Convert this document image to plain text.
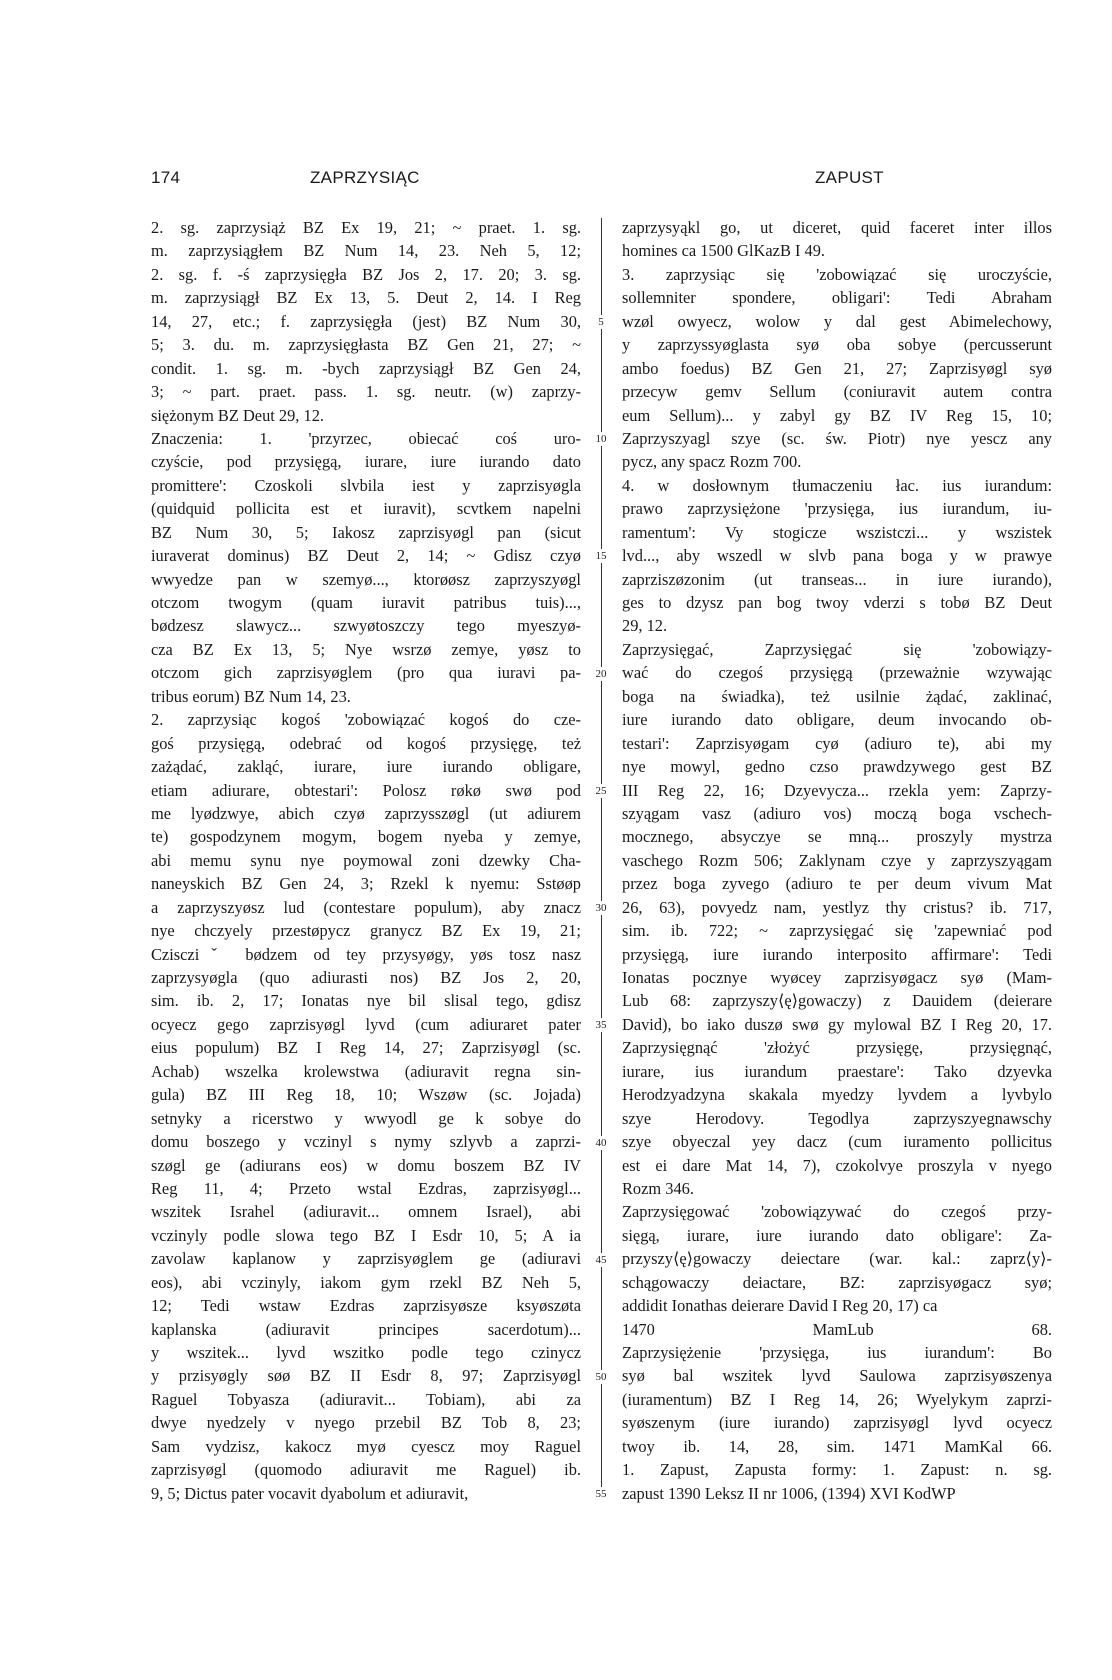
174	ZAPRZYSIĄC	ZAPUST
2. sg. zaprzysiąż BZ Ex 19, 21; ~ praet. 1. sg.
m. zaprzysiągłem BZ Num 14, 23. Neh 5, 12;
2. sg. f. -ś zaprzysięgła BZ Jos 2, 17. 20; 3. sg.
m. zaprzysiągł BZ Ex 13, 5. Deut 2, 14. I Reg
14, 27, etc.; f. zaprzysięgła (jest) BZ Num 30,
5; 3. du. m. zaprzysięgłasta BZ Gen 21, 27; ~
condit. 1. sg. m. -bych zaprzysiągł BZ Gen 24,
3; ~ part. praet. pass. 1. sg. neutr. (w) zaprzy-
siężonym BZ Deut 29, 12.
Znaczenia: 1. 'przyrzec, obiecać coś uro-
czyście, pod przysięgą, iurare, iure iurando dato
promittere': Czoskoli slvbila iest y zaprzisyøgla
(quidquid pollicita est et iuravit), scvtkem napelni
BZ Num 30, 5; Iakosz zaprzisyøgl pan (sicut
iuraverat dominus) BZ Deut 2, 14; ~ Gdisz czyø
wwyedze pan w szemyø..., ktorøøsz zaprzyszyøgl
otczom twogym (quam iuravit patribus tuis)...,
bødzesz slawycz... szwyøtoszczy tego myeszyø-
cza BZ Ex 13, 5; Nye wsrzø zemye, yøsz to
otczom gich zaprzisyøglem (pro qua iuravi pa-
tribus eorum) BZ Num 14, 23.
2. zaprzysiąc kogoś 'zobowiązać kogoś do cze-
goś przysięgą, odebrać od kogoś przysięgę, też
zażądać, zakląć, iurare, iure iurando obligare,
etiam adiurare, obtestari': Polosz røkø swø pod
me lyødzwye, abich czyø zaprzysszøgl (ut adiurem
te) gospodzynem mogym, bogem nyeba y zemye,
abi memu synu nye poymowal zoni dzewky Cha-
naneyskich BZ Gen 24, 3; Rzekl k nyemu: Sstøøp
a zaprzyszyøsz lud (contestare populum), aby znacz
nye chczyely przestøpycz granycz BZ Ex 19, 21;
Cziscziˇ bødzem od tey przysyøgy, yøs tosz nasz
zaprzysyøgla (quo adiurasti nos) BZ Jos 2, 20,
sim. ib. 2, 17; Ionatas nye bil slisal tego, gdisz
ocyecz gego zaprzisyøgl lyvd (cum adiuraret pater
eius populum) BZ I Reg 14, 27; Zaprzisyøgl (sc.
Achab) wszelka krolewstwa (adiuravit regna sin-
gula) BZ III Reg 18, 10; Wszøw (sc. Jojada)
setnyky a ricerstwo y wwyodl ge k sobye do
domu boszego y vczinyl s nymy szlyvb a zaprzi-
szøgl ge (adiurans eos) w domu boszem BZ IV
Reg 11, 4; Przeto wstal Ezdras, zaprzisyøgl...
wszitek Israhel (adiuravit... omnem Israel), abi
vczinyly podle slowa tego BZ I Esdr 10, 5; A ia
zavolaw kaplanow y zaprzisyøglem ge (adiuravi
eos), abi vczinyly, iakom gym rzekl BZ Neh 5,
12; Tedi wstaw Ezdras zaprzisyøsze ksyøszøta
kaplanska (adiuravit principes sacerdotum)...
y wszitek... lyvd wszitko podle tego czinycz
y przisyøgly søø BZ II Esdr 8, 97; Zaprzisyøgl
Raguel Tobyasza (adiuravit... Tobiam), abi za
dwye nyedzely v nyego przebil BZ Tob 8, 23;
Sam vydzisz, kakocz myø cyescz moy Raguel
zaprzisyøgl (quomodo adiuravit me Raguel) ib.
9, 5; Dictus pater vocavit dyabolum et adiuravit,
5
10
15
20
25
30
35
40
45
50
55
zaprzysyąkl go, ut diceret, quid faceret inter illos
homines ca 1500 GlKazB I 49.
3. zaprzysiąc się 'zobowiązać się uroczyście,
sollemniter spondere, obligari': Tedi Abraham
wzøl owyecz, wolow y dal gest Abimelechowy,
y zaprzyssyøglasta syø oba sobye (percusserunt
ambo foedus) BZ Gen 21, 27; Zaprzisyøgl syø
przecyw gemv Sellum (coniuravit autem contra
eum Sellum)... y zabyl gy BZ IV Reg 15, 10;
Zaprzyszyagl szye (sc. św. Piotr) nye yescz any
pycz, any spacz Rozm 700.
4. w dosłownym tłumaczeniu łac. ius iurandum:
prawo zaprzysiężone 'przysięga, ius iurandum, iu-
ramentum': Vy stogicze wszistczi... y wszistek
lvd..., aby wszedl w slvb pana boga y w prawye
zaprziszøzonim (ut transeas... in iure iurando),
ges to dzysz pan bog twoy vderzi s tobø BZ Deut
29, 12.
Zaprzysięgać, Zaprzysięgać się 'zobowiązy-
wać do czegoś przysięgą (przeważnie wzywając
boga na świadka), też usilnie żądać, zaklinać,
iure iurando dato obligare, deum invocando ob-
testari': Zaprzisyøgam cyø (adiuro te), abi my
nye mowyl, gedno czso prawdzywego gest BZ
III Reg 22, 16; Dzyevycza... rzekla yem: Zaprzy-
szyągam vasz (adiuro vos) moczą boga vschech-
mocznego, absyczye se mną... proszyly mystrza
vaschego Rozm 506; Zaklynam czye y zaprzyszyągam
przez boga zyvego (adiuro te per deum vivum Mat
26, 63), povyedz nam, yestlyz thy cristus? ib. 717,
sim. ib. 722; ~ zaprzysięgać się 'zapewniać pod
przysięgą, iure iurando interposito affirmare': Tedi
Ionatas pocznye wyøcey zaprzisyøgacz syø (Mam-
Lub 68: zaprzyszy⟨ę⟩gowaczy) z Dauidem (deierare
David), bo iako duszø swø gy mylowal BZ I Reg 20, 17.
Zaprzysięgnąć 'złożyć przysięgę, przysięgnąć,
iurare, ius iurandum praestare': Tako dzyevka
Herodzyadzyna skakala myedzy lyvdem a lyvbylo
szye Herodovy. Tegodlya zaprzyszyegnawschy
szye obyeczal yey dacz (cum iuramento pollicitus
est ei dare Mat 14, 7), czokolvye proszyla v nyego
Rozm 346.
Zaprzysięgować 'zobowiązywać do czegoś przy-
sięgą, iurare, iure iurando dato obligare': Za-
przyszy⟨ę⟩gowaczy deiectare (war. kal.: zaprz⟨y⟩-
schągowaczy deiactare, BZ: zaprzisyøgacz syø;
addidit Ionathas deierare David I Reg 20, 17) ca
1470 MamLub 68.
Zaprzysiężenie 'przysięga, ius iurandum': Bo
syø bal wszitek lyvd Saulowa zaprzisyøszenya
(iuramentum) BZ I Reg 14, 26; Wyelykym zaprzi-
syøszenym (iure iurando) zaprzisyøgl lyvd ocyecz
twoy ib. 14, 28, sim. 1471 MamKal 66.
1. Zapust, Zapusta formy: 1. Zapust: n. sg.
zapust 1390 Leksz II nr 1006, (1394) XVI KodWP
